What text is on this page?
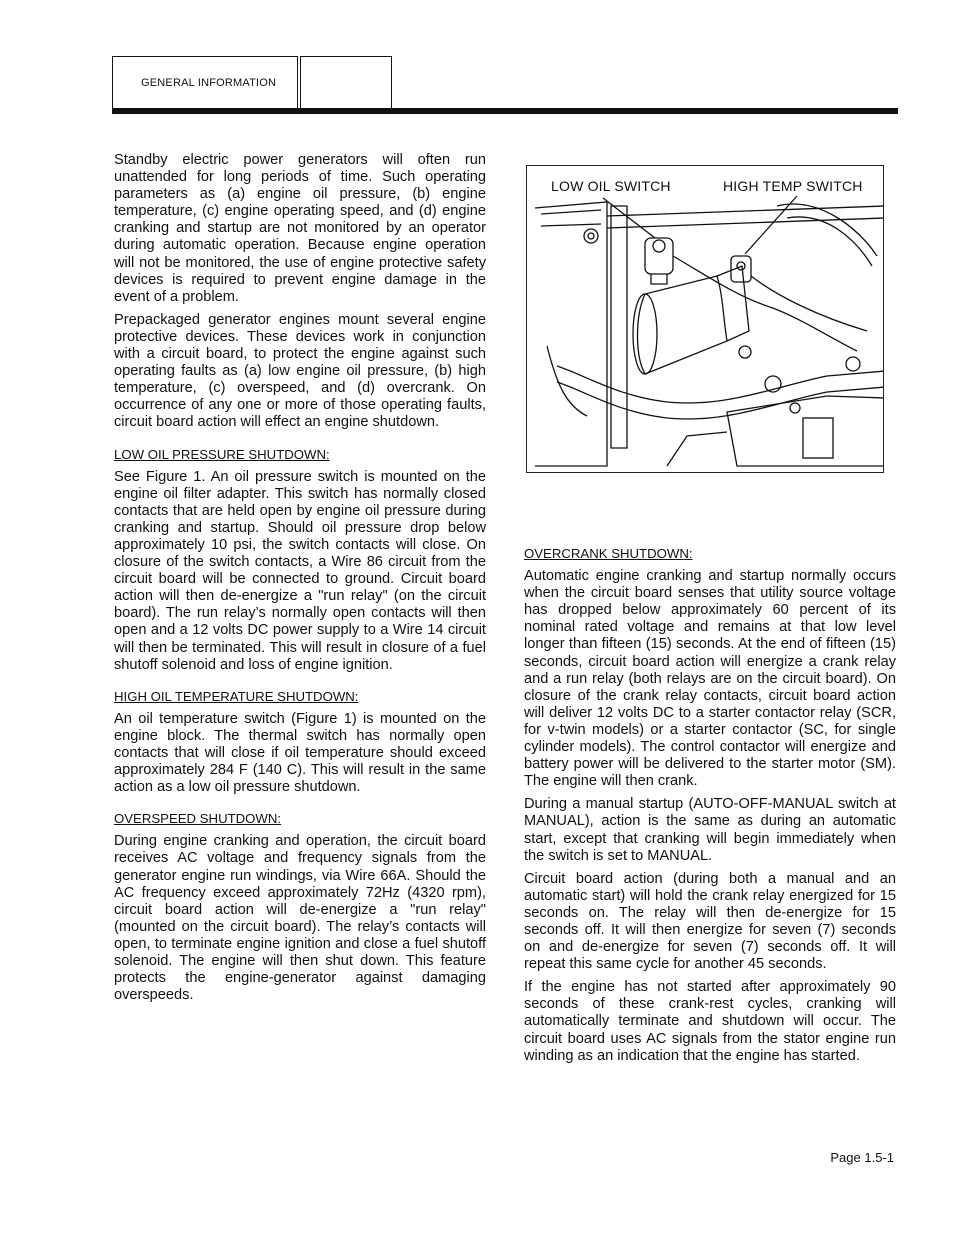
GENERAL INFORMATION

Standby electric power generators will often run unattended for long periods of time. Such operating parameters as (a) engine oil pressure, (b) engine temperature, (c) engine operating speed, and (d) engine cranking and startup are not monitored by an operator during automatic operation. Because engine operation will not be monitored, the use of engine protective safety devices is required to prevent engine damage in the event of a problem.

Prepackaged generator engines mount several engine protective devices. These devices work in conjunction with a circuit board, to protect the engine against such operating faults as (a) low engine oil pressure, (b) high temperature, (c) overspeed, and (d) overcrank. On occurrence of any one or more of those operating faults, circuit board action will effect an engine shutdown.

LOW OIL PRESSURE SHUTDOWN:

See Figure 1. An oil pressure switch is mounted on the engine oil filter adapter. This switch has normally closed contacts that are held open by engine oil pressure during cranking and startup. Should oil pressure drop below approximately 10 psi, the switch contacts will close. On closure of the switch contacts, a Wire 86 circuit from the circuit board will be connected to ground. Circuit board action will then de-energize a "run relay" (on the circuit board). The run relay’s normally open contacts will then open and a 12 volts DC power supply to a Wire 14 circuit will then be terminated. This will result in closure of a fuel shutoff solenoid and loss of engine ignition.

HIGH OIL TEMPERATURE SHUTDOWN:

An oil temperature switch (Figure 1) is mounted on the engine block. The thermal switch has normally open contacts that will close if oil temperature should exceed approximately 284 F (140 C). This will result in the same action as a low oil pressure shutdown.

OVERSPEED SHUTDOWN:

During engine cranking and operation, the circuit board receives AC voltage and frequency signals from the generator engine run windings, via Wire 66A. Should the AC frequency exceed approximately 72Hz (4320 rpm), circuit board action will de-energize a "run relay" (mounted on the circuit board). The relay’s contacts will open, to terminate engine ignition and close a fuel shutoff solenoid. The engine will then shut down. This feature protects the engine-generator against damaging overspeeds.

LOW OIL SWITCH	HIGH TEMP SWITCH

OVERCRANK SHUTDOWN:

Automatic engine cranking and startup normally occurs when the circuit board senses that utility source voltage has dropped below approximately 60 percent of its nominal rated voltage and remains at that low level longer than fifteen (15) seconds. At the end of fifteen (15) seconds, circuit board action will energize a crank relay and a run relay (both relays are on the circuit board). On closure of the crank relay contacts, circuit board action will deliver 12 volts DC to a starter contactor relay (SCR, for v-twin models) or a starter contactor (SC, for single cylinder models). The control contactor will energize and battery power will be delivered to the starter motor (SM). The engine will then crank.

During a manual startup (AUTO-OFF-MANUAL switch at MANUAL), action is the same as during an automatic start, except that cranking will begin immediately when the switch is set to MANUAL.

Circuit board action (during both a manual and an automatic start) will hold the crank relay energized for 15 seconds on. The relay will then de-energize for 15 seconds off. It will then energize for seven (7) seconds on and de-energize for seven (7) seconds off. It will repeat this same cycle for another 45 seconds.

If the engine has not started after approximately 90 seconds of these crank-rest cycles, cranking will automatically terminate and shutdown will occur. The circuit board uses AC signals from the stator engine run winding as an indication that the engine has started.

Page 1.5-1
